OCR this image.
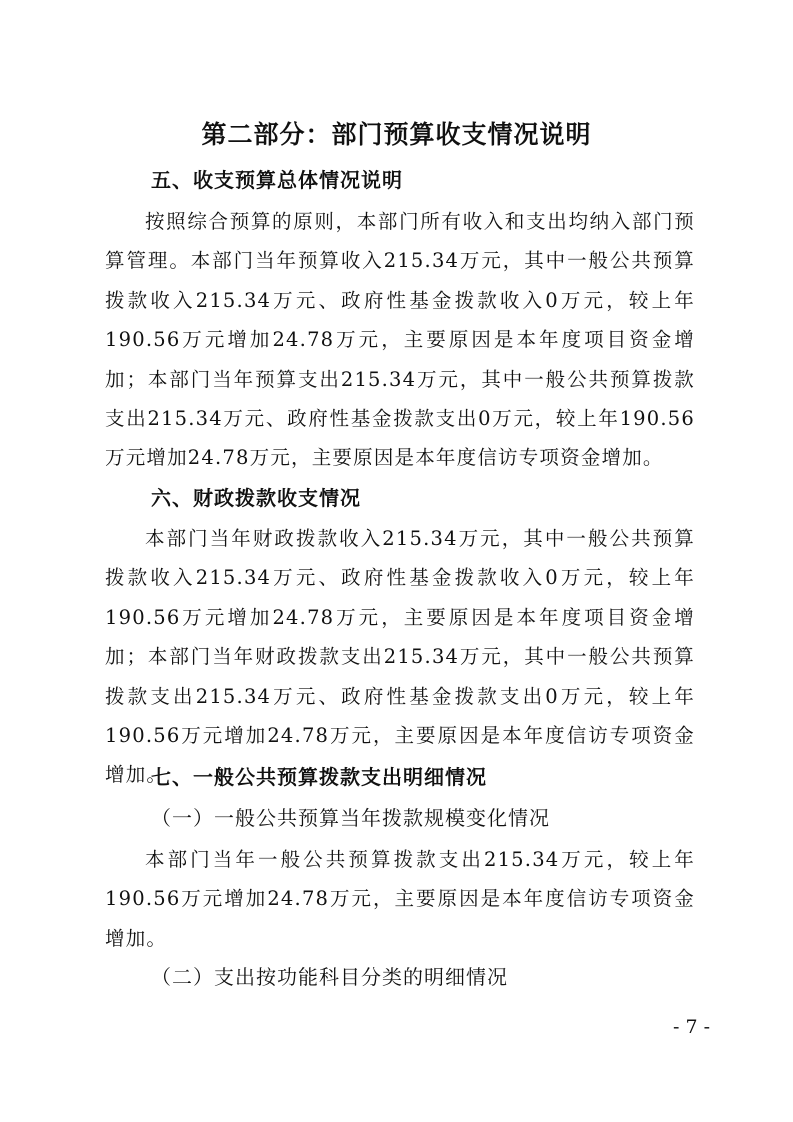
第二部分：部门预算收支情况说明
五、收支预算总体情况说明
按照综合预算的原则，本部门所有收入和支出均纳入部门预算管理。本部门当年预算收入215.34万元，其中一般公共预算拨款收入215.34万元、政府性基金拨款收入0万元，较上年190.56万元增加24.78万元，主要原因是本年度项目资金增加；本部门当年预算支出215.34万元，其中一般公共预算拨款支出215.34万元、政府性基金拨款支出0万元，较上年190.56万元增加24.78万元，主要原因是本年度信访专项资金增加。
六、财政拨款收支情况
本部门当年财政拨款收入215.34万元，其中一般公共预算拨款收入215.34万元、政府性基金拨款收入0万元，较上年190.56万元增加24.78万元，主要原因是本年度项目资金增加；本部门当年财政拨款支出215.34万元，其中一般公共预算拨款支出215.34万元、政府性基金拨款支出0万元，较上年190.56万元增加24.78万元，主要原因是本年度信访专项资金增加。
七、一般公共预算拨款支出明细情况
（一）一般公共预算当年拨款规模变化情况
本部门当年一般公共预算拨款支出215.34万元，较上年190.56万元增加24.78万元，主要原因是本年度信访专项资金增加。
（二）支出按功能科目分类的明细情况
- 7 -
